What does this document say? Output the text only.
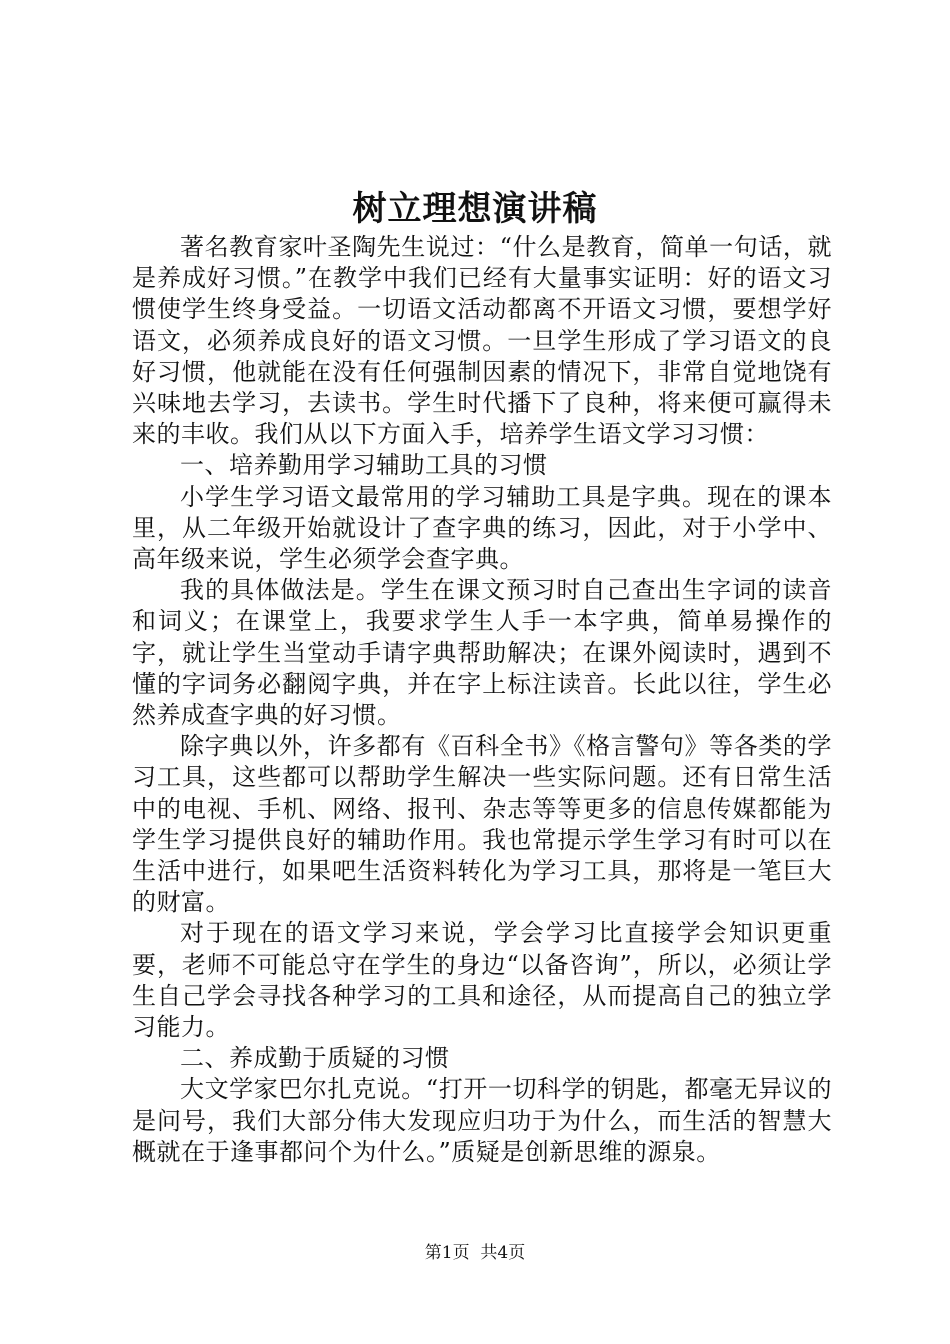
树立理想演讲稿

著名教育家叶圣陶先生说过：“什么是教育，简单一句话，就是养成好习惯。”在教学中我们已经有大量事实证明：好的语文习惯使学生终身受益。一切语文活动都离不开语文习惯，要想学好语文，必须养成良好的语文习惯。一旦学生形成了学习语文的良好习惯，他就能在没有任何强制因素的情况下，非常自觉地饶有兴味地去学习，去读书。学生时代播下了良种，将来便可赢得未来的丰收。我们从以下方面入手，培养学生语文学习习惯：

一、培养勤用学习辅助工具的习惯

小学生学习语文最常用的学习辅助工具是字典。现在的课本里，从二年级开始就设计了查字典的练习，因此，对于小学中、高年级来说，学生必须学会查字典。

我的具体做法是。学生在课文预习时自己查出生字词的读音和词义；在课堂上，我要求学生人手一本字典，简单易操作的字，就让学生当堂动手请字典帮助解决；在课外阅读时，遇到不懂的字词务必翻阅字典，并在字上标注读音。长此以往，学生必然养成查字典的好习惯。

除字典以外，许多都有《百科全书》《格言警句》等各类的学习工具，这些都可以帮助学生解决一些实际问题。还有日常生活中的电视、手机、网络、报刊、杂志等等更多的信息传媒都能为学生学习提供良好的辅助作用。我也常提示学生学习有时可以在生活中进行，如果吧生活资料转化为学习工具，那将是一笔巨大的财富。

对于现在的语文学习来说，学会学习比直接学会知识更重要，老师不可能总守在学生的身边“以备咨询”，所以，必须让学生自己学会寻找各种学习的工具和途径，从而提高自己的独立学习能力。

二、养成勤于质疑的习惯

大文学家巴尔扎克说。“打开一切科学的钥匙，都毫无异议的是问号，我们大部分伟大发现应归功于为什么，而生活的智慧大概就在于逢事都问个为什么。”质疑是创新思维的源泉。

第1页 共4页
